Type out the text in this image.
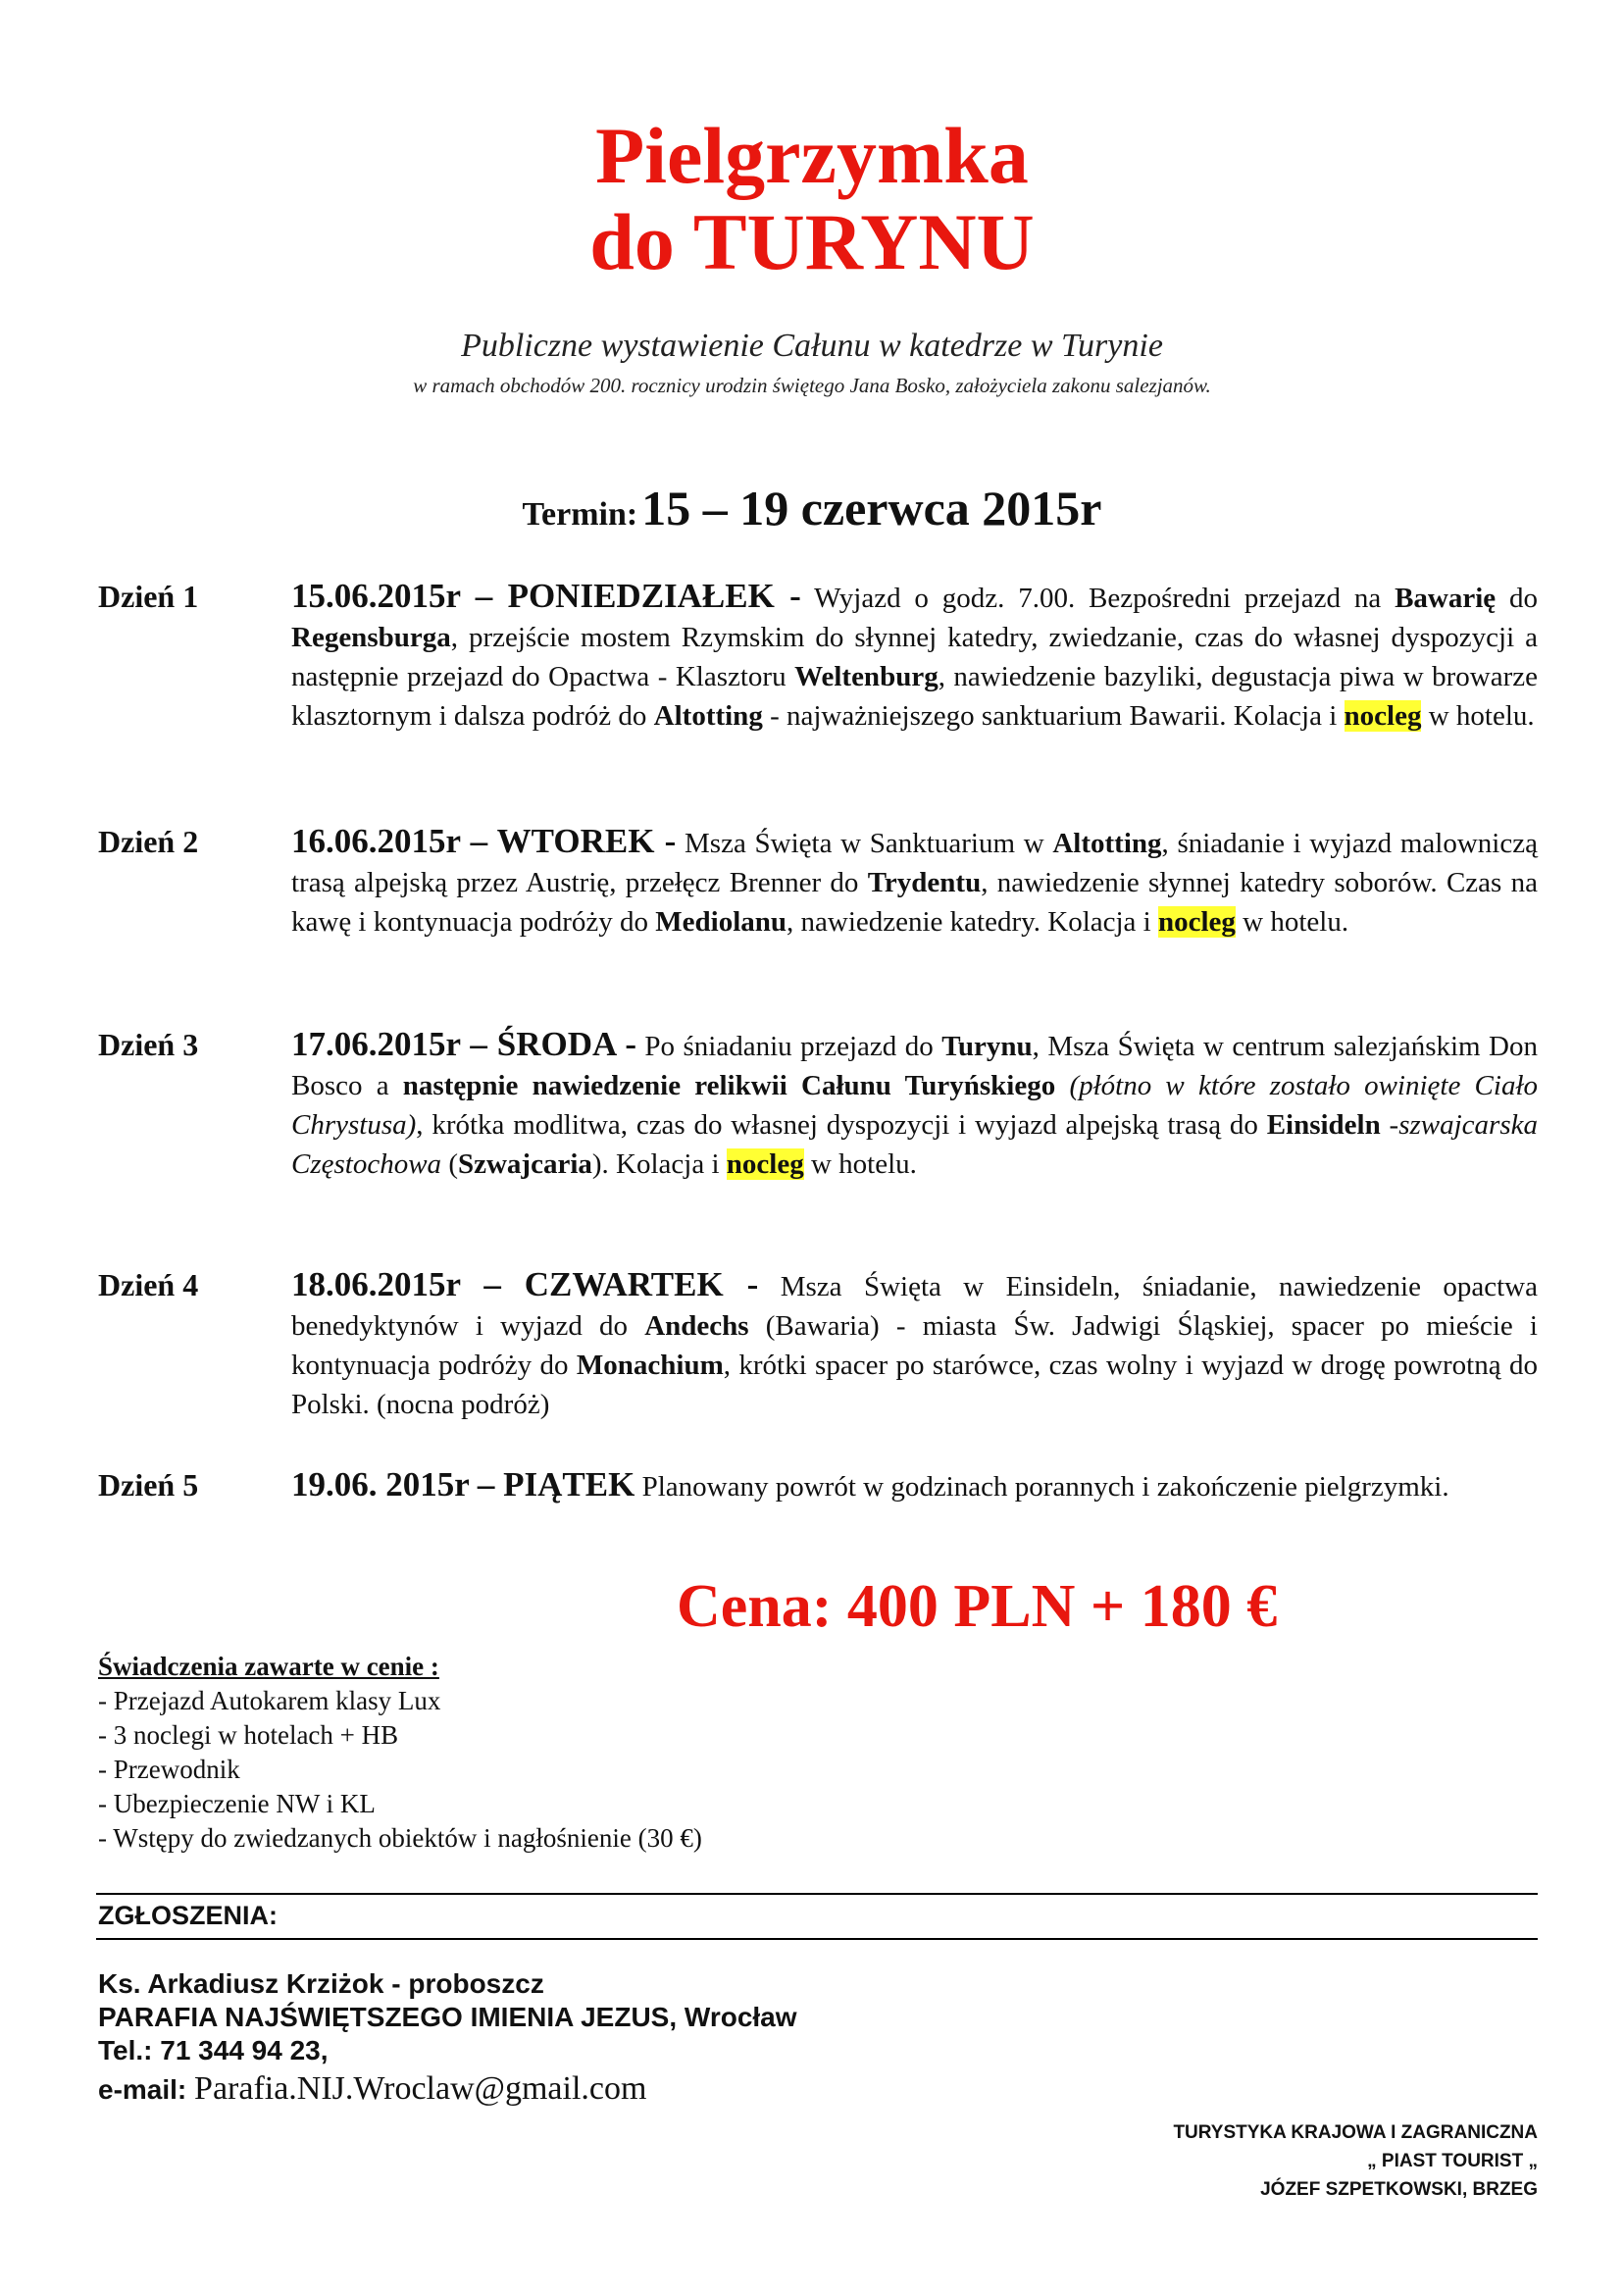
Pielgrzymka
do TURYNU
Publiczne wystawienie Całunu w katedrze w Turynie
w ramach obchodów 200. rocznicy urodzin świętego Jana Bosko, założyciela zakonu salezjanów.
Termin: 15 – 19 czerwca 2015r
Dzień 1	15.06.2015r – PONIEDZIAŁEK - Wyjazd o godz. 7.00. Bezpośredni przejazd na Bawarię do Regensburga, przejście mostem Rzymskim do słynnej katedry, zwiedzanie, czas do własnej dyspozycji a następnie przejazd do Opactwa - Klasztoru Weltenburg, nawiedzenie bazyliki, degustacja piwa w browarze klasztornym i dalsza podróż do Altotting - najważniejszego sanktuarium Bawarii. Kolacja i nocleg w hotelu.
Dzień 2	16.06.2015r – WTOREK - Msza Święta w Sanktuarium w Altotting, śniadanie i wyjazd malowniczą trasą alpejską przez Austrię, przełęcz Brenner do Trydentu, nawiedzenie słynnej katedry soborów. Czas na kawę i kontynuacja podróży do Mediolanu, nawiedzenie katedry. Kolacja i nocleg w hotelu.
Dzień 3	17.06.2015r – ŚRODA - Po śniadaniu przejazd do Turynu, Msza Święta w centrum salezjańskim Don Bosco a następnie nawiedzenie relikwii Całunu Turyńskiego (płótno w które zostało owinięte Ciało Chrystusa), krótka modlitwa, czas do własnej dyspozycji i wyjazd alpejską trasą do Einsideln -szwajcarska Częstochowa (Szwajcaria). Kolacja i nocleg w hotelu.
Dzień 4	18.06.2015r – CZWARTEK - Msza Święta w Einsideln, śniadanie, nawiedzenie opactwa benedyktynów i wyjazd do Andechs (Bawaria) - miasta Św. Jadwigi Śląskiej, spacer po mieście i kontynuacja podróży do Monachium, krótki spacer po starówce, czas wolny i wyjazd w drogę powrotną do Polski. (nocna podróż)
Dzień 5	19.06. 2015r – PIĄTEK Planowany powrót w godzinach porannych i zakończenie pielgrzymki.
Cena: 400 PLN + 180 €
Świadczenia zawarte w cenie :
- Przejazd Autokarem klasy Lux
- 3 noclegi w hotelach + HB
- Przewodnik
- Ubezpieczenie NW i KL
- Wstępy do zwiedzanych obiektów i nagłośnienie (30 €)
ZGŁOSZENIA:
Ks. Arkadiusz Krziżok - proboszcz
PARAFIA NAJŚWIĘTSZEGO IMIENIA JEZUS, Wrocław
Tel.: 71 344 94 23,
e-mail: Parafia.NIJ.Wroclaw@gmail.com
TURYSTYKA KRAJOWA I ZAGRANICZNA
„ PIAST TOURIST „
JÓZEF SZPETKOWSKI, BRZEG
